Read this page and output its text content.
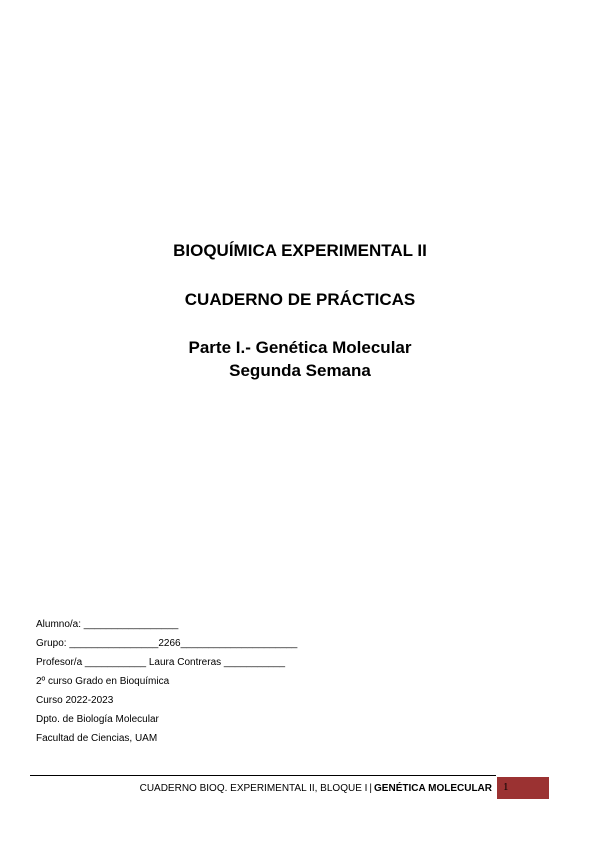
BIOQUÍMICA EXPERIMENTAL II
CUADERNO DE PRÁCTICAS
Parte I.- Genética Molecular
Segunda Semana
Alumno/a: _________________
Grupo: ________________2266_____________________
Profesor/a ___________ Laura Contreras ___________
2º curso Grado en Bioquímica
Curso 2022-2023
Dpto. de Biología Molecular
Facultad de Ciencias, UAM
CUADERNO BIOQ. EXPERIMENTAL II, BLOQUE I | GENÉTICA MOLECULAR 1
